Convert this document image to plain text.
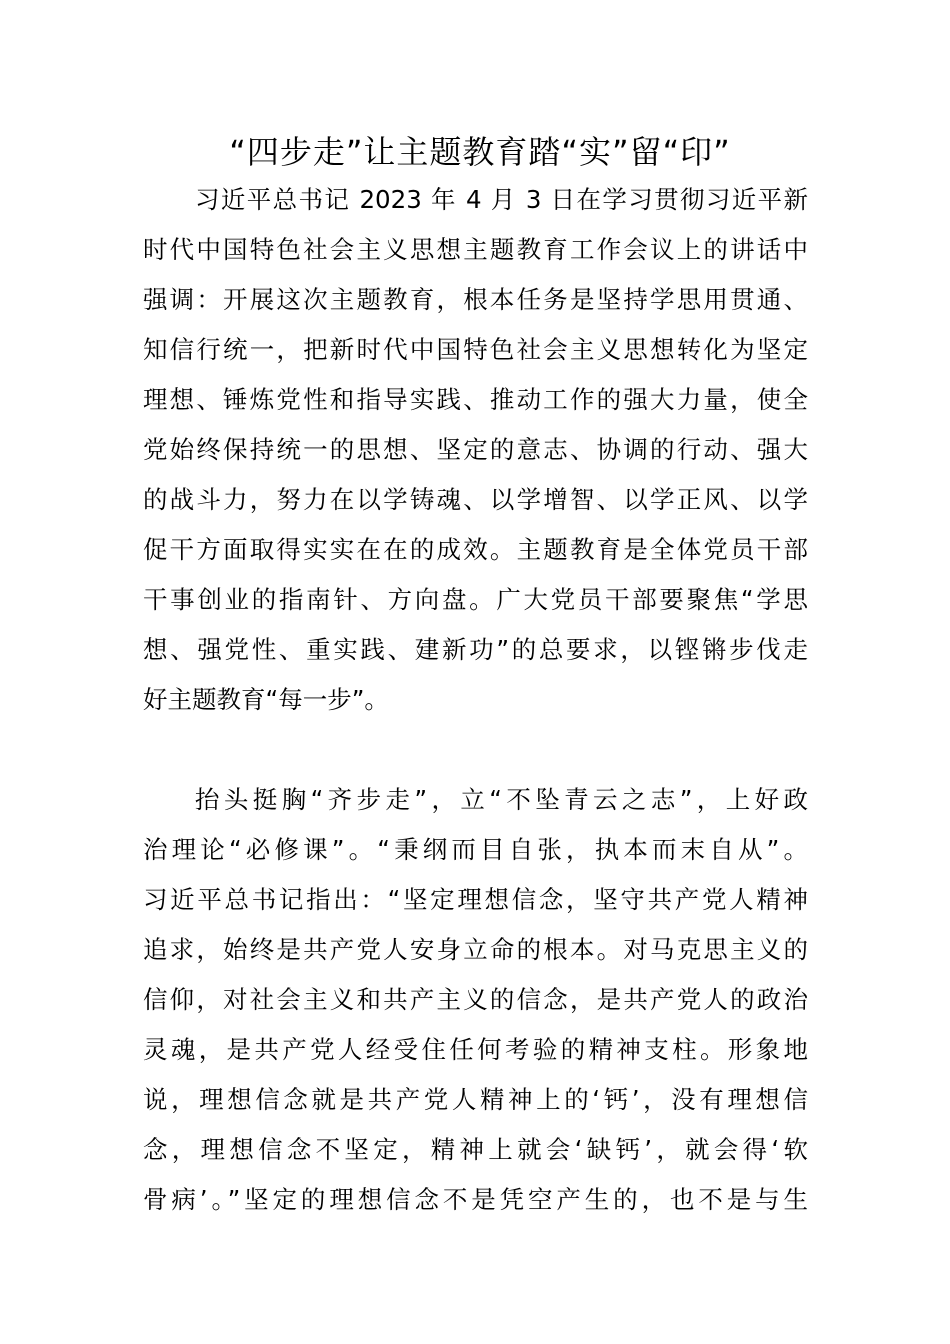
“四步走”让主题教育踏“实”留“印”
习近平总书记 2023 年 4 月 3 日在学习贯彻习近平新
时代中国特色社会主义思想主题教育工作会议上的讲话中
强调：开展这次主题教育，根本任务是坚持学思用贯通、
知信行统一，把新时代中国特色社会主义思想转化为坚定
理想、锤炼党性和指导实践、推动工作的强大力量，使全
党始终保持统一的思想、坚定的意志、协调的行动、强大
的战斗力，努力在以学铸魂、以学增智、以学正风、以学
促干方面取得实实在在的成效。主题教育是全体党员干部
干事创业的指南针、方向盘。广大党员干部要聚焦“学思
想、强党性、重实践、建新功”的总要求，以铿锵步伐走
好主题教育“每一步”。
抬头挺胸“齐步走”，立“不坠青云之志”，上好政
治理论“必修课”。“秉纲而目自张，执本而末自从”。
习近平总书记指出：“坚定理想信念，坚守共产党人精神
追求，始终是共产党人安身立命的根本。对马克思主义的
信仰，对社会主义和共产主义的信念，是共产党人的政治
灵魂，是共产党人经受住任何考验的精神支柱。形象地
说，理想信念就是共产党人精神上的‘钙’，没有理想信
念，理想信念不坚定，精神上就会‘缺钙’，就会得‘软
骨病’。”坚定的理想信念不是凭空产生的，也不是与生
